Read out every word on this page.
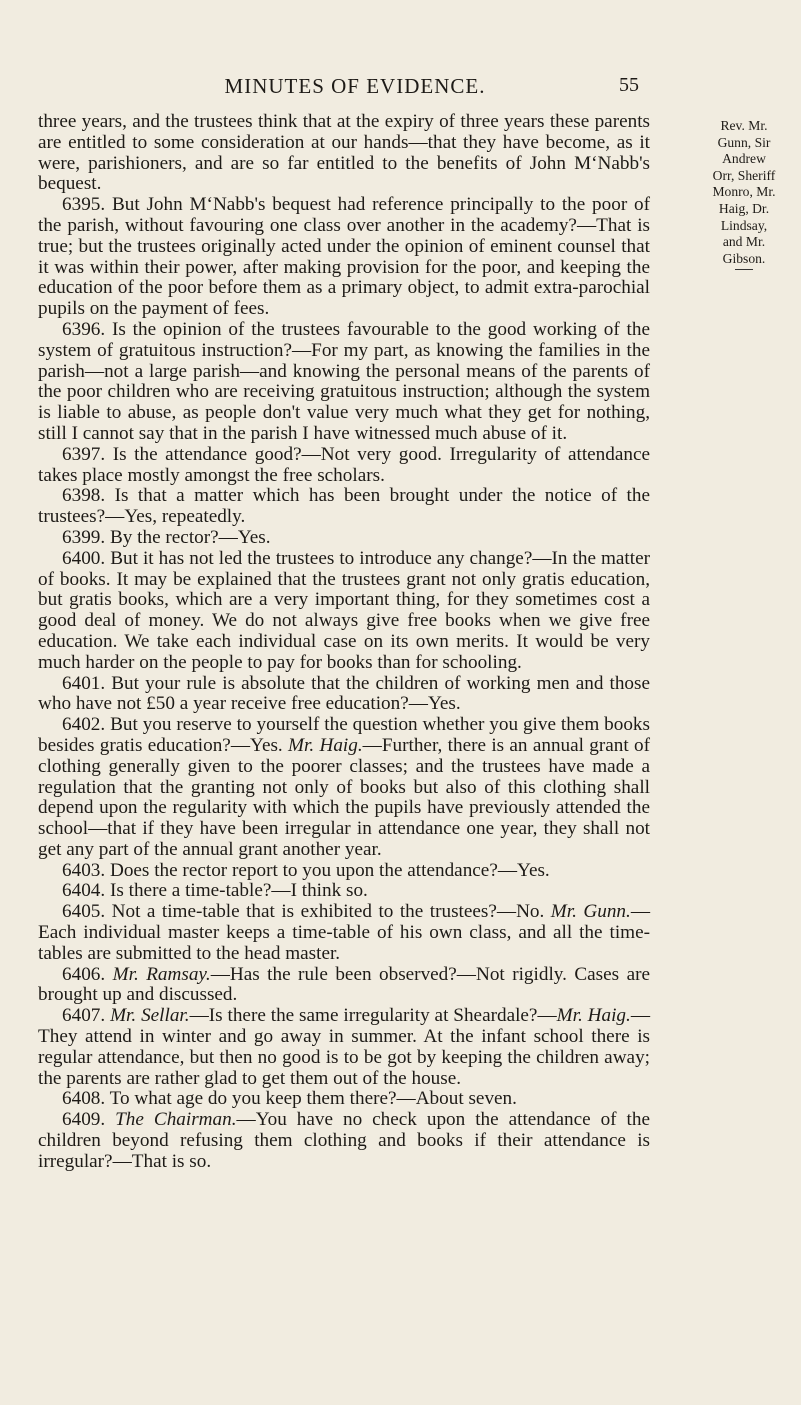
MINUTES OF EVIDENCE.	55
Rev. Mr.
Gunn, Sir
Andrew
Orr, Sheriff
Monro, Mr.
Haig, Dr.
Lindsay,
and Mr.
Gibson.

three years, and the trustees think that at the expiry of three years these parents are entitled to some consideration at our hands—that they have become, as it were, parishioners, and are so far entitled to the benefits of John M‘Nabb's bequest.

6395. But John M‘Nabb's bequest had reference principally to the poor of the parish, without favouring one class over another in the academy?—That is true; but the trustees originally acted under the opinion of eminent counsel that it was within their power, after making provision for the poor, and keeping the education of the poor before them as a primary object, to admit extra-parochial pupils on the payment of fees.

6396. Is the opinion of the trustees favourable to the good working of the system of gratuitous instruction?—For my part, as knowing the families in the parish—not a large parish—and knowing the personal means of the parents of the poor children who are receiving gratuitous instruction; although the system is liable to abuse, as people don't value very much what they get for nothing, still I cannot say that in the parish I have witnessed much abuse of it.

6397. Is the attendance good?—Not very good. Irregularity of attendance takes place mostly amongst the free scholars.

6398. Is that a matter which has been brought under the notice of the trustees?—Yes, repeatedly.

6399. By the rector?—Yes.

6400. But it has not led the trustees to introduce any change?—In the matter of books. It may be explained that the trustees grant not only gratis education, but gratis books, which are a very important thing, for they sometimes cost a good deal of money. We do not always give free books when we give free education. We take each individual case on its own merits. It would be very much harder on the people to pay for books than for schooling.

6401. But your rule is absolute that the children of working men and those who have not £50 a year receive free education?—Yes.

6402. But you reserve to yourself the question whether you give them books besides gratis education?—Yes. Mr. Haig.—Further, there is an annual grant of clothing generally given to the poorer classes; and the trustees have made a regulation that the granting not only of books but also of this clothing shall depend upon the regularity with which the pupils have previously attended the school—that if they have been irregular in attendance one year, they shall not get any part of the annual grant another year.

6403. Does the rector report to you upon the attendance?—Yes.

6404. Is there a time-table?—I think so.

6405. Not a time-table that is exhibited to the trustees?—No. Mr. Gunn.—Each individual master keeps a time-table of his own class, and all the time-tables are submitted to the head master.

6406. Mr. Ramsay.—Has the rule been observed?—Not rigidly. Cases are brought up and discussed.

6407. Mr. Sellar.—Is there the same irregularity at Sheardale?—Mr. Haig.—They attend in winter and go away in summer. At the infant school there is regular attendance, but then no good is to be got by keeping the children away; the parents are rather glad to get them out of the house.

6408. To what age do you keep them there?—About seven.

6409. The Chairman.—You have no check upon the attendance of the children beyond refusing them clothing and books if their attendance is irregular?—That is so.
